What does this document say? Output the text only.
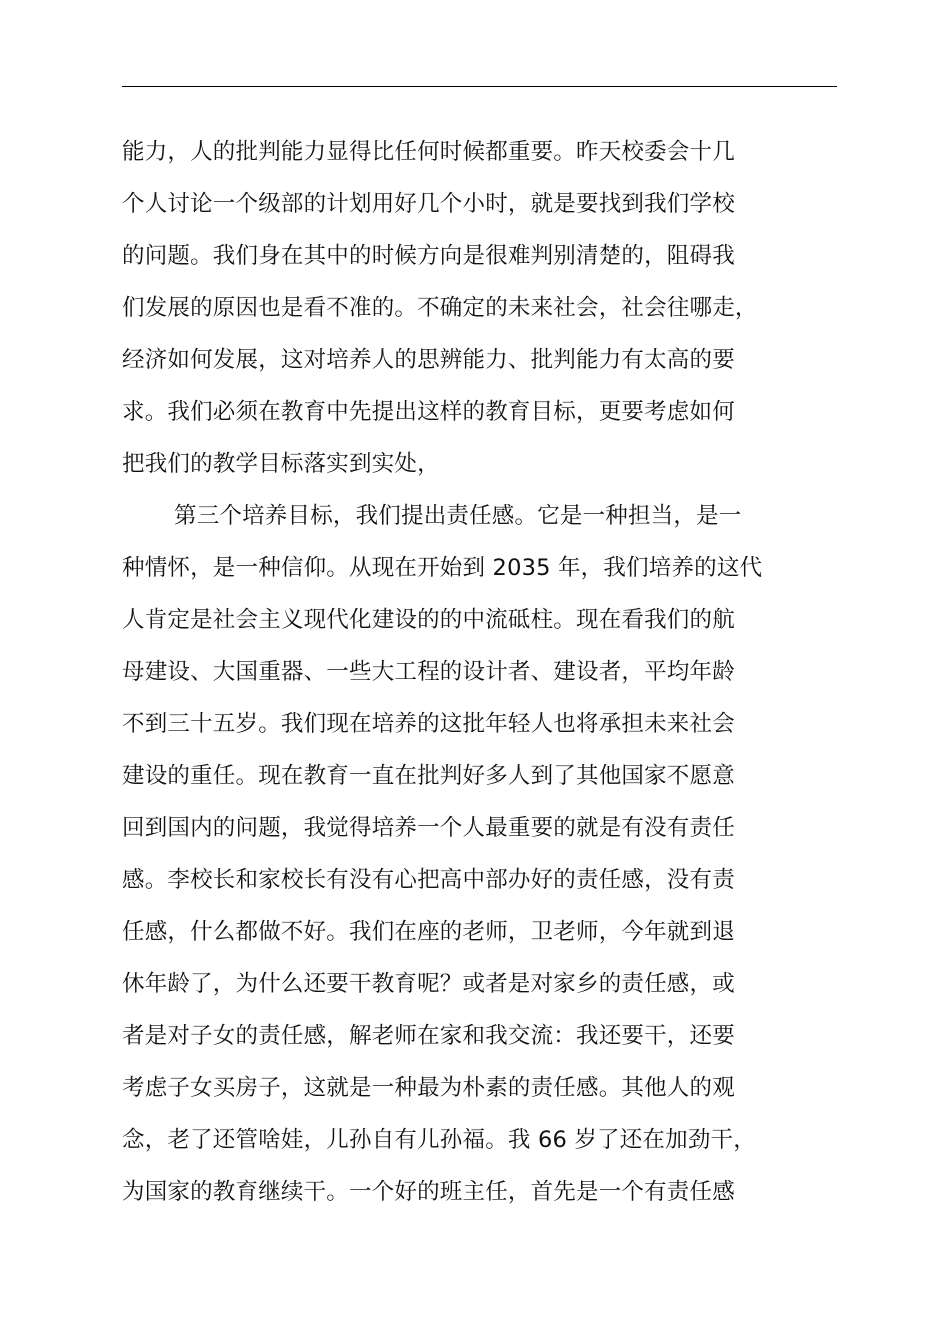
能力，人的批判能力显得比任何时候都重要。昨天校委会十几
个人讨论一个级部的计划用好几个小时，就是要找到我们学校
的问题。我们身在其中的时候方向是很难判别清楚的，阻碍我
们发展的原因也是看不准的。不确定的未来社会，社会往哪走，
经济如何发展，这对培养人的思辨能力、批判能力有太高的要
求。我们必须在教育中先提出这样的教育目标，更要考虑如何
把我们的教学目标落实到实处，
第三个培养目标，我们提出责任感。它是一种担当，是一
种情怀，是一种信仰。从现在开始到 2035 年，我们培养的这代
人肯定是社会主义现代化建设的的中流砥柱。现在看我们的航
母建设、大国重器、一些大工程的设计者、建设者，平均年龄
不到三十五岁。我们现在培养的这批年轻人也将承担未来社会
建设的重任。现在教育一直在批判好多人到了其他国家不愿意
回到国内的问题，我觉得培养一个人最重要的就是有没有责任
感。李校长和家校长有没有心把高中部办好的责任感，没有责
任感，什么都做不好。我们在座的老师，卫老师，今年就到退
休年龄了，为什么还要干教育呢？或者是对家乡的责任感，或
者是对子女的责任感，解老师在家和我交流：我还要干，还要
考虑子女买房子，这就是一种最为朴素的责任感。其他人的观
念，老了还管啥娃，儿孙自有儿孙福。我 66 岁了还在加劲干，
为国家的教育继续干。一个好的班主任，首先是一个有责任感
